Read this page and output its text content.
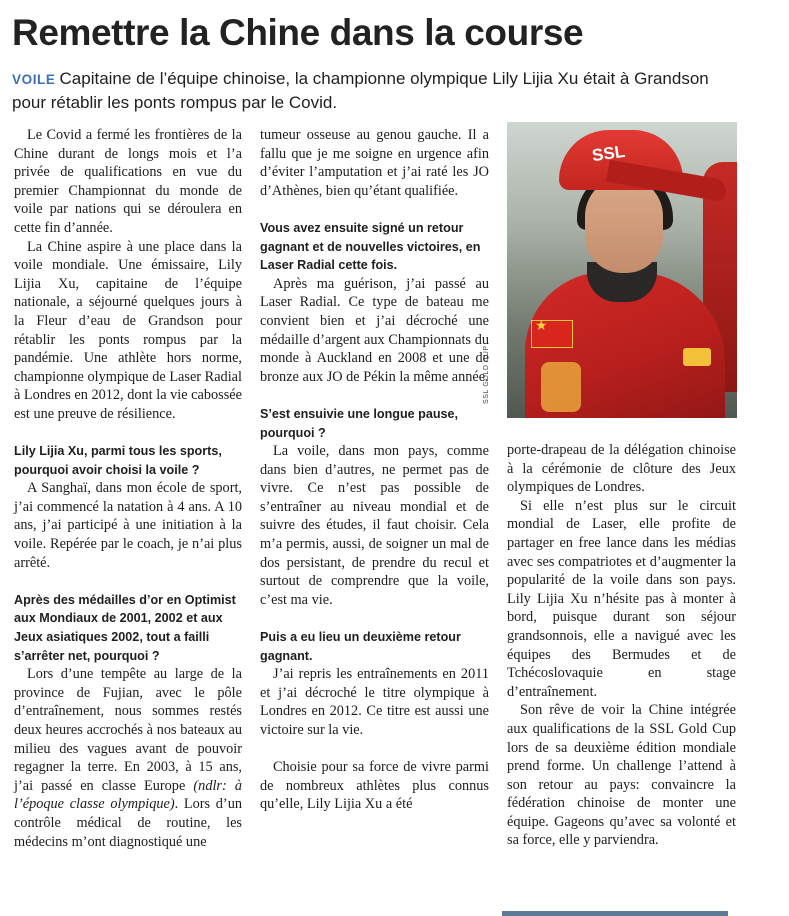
Remettre la Chine dans la course

VOILE Capitaine de l’équipe chinoise, la championne olympique Lily Lijia Xu était à Grandson pour rétablir les ponts rompus par le Covid.

Le Covid a fermé les frontières de la Chine durant de longs mois et l’a privée de qualifications en vue du premier Championnat du monde de voile par nations qui se déroulera en cette fin d’année.

La Chine aspire à une place dans la voile mondiale. Une émissaire, Lily Lijia Xu, capitaine de l’équipe nationale, a séjourné quelques jours à la Fleur d’eau de Grandson pour rétablir les ponts rompus par la pandémie. Une athlète hors norme, championne olympique de Laser Radial à Londres en 2012, dont la vie cabossée est une preuve de résilience.

Lily Lijia Xu, parmi tous les sports, pourquoi avoir choisi la voile ?

A Sanghaï, dans mon école de sport, j’ai commencé la natation à 4 ans. A 10 ans, j’ai participé à une initiation à la voile. Repérée par le coach, je n’ai plus arrêté.

Après des médailles d’or en Optimist aux Mondiaux de 2001, 2002 et aux Jeux asiatiques 2002, tout a failli s’arrêter net, pourquoi ?

Lors d’une tempête au large de la province de Fujian, avec le pôle d’entraînement, nous sommes restés deux heures accrochés à nos bateaux au milieu des vagues avant de pouvoir regagner la terre. En 2003, à 15 ans, j’ai passé en classe Europe (ndlr: à l’époque classe olympique). Lors d’un contrôle médical de routine, les médecins m’ont diagnostiqué une

tumeur osseuse au genou gauche. Il a fallu que je me soigne en urgence afin d’éviter l’amputation et j’ai raté les JO d’Athènes, bien qu’étant qualifiée.

Vous avez ensuite signé un retour gagnant et de nouvelles victoires, en Laser Radial cette fois.

Après ma guérison, j’ai passé au Laser Radial. Ce type de bateau me convient bien et j’ai décroché une médaille d’argent aux Championnats du monde à Auckland en 2008 et une de bronze aux JO de Pékin la même année.

S’est ensuivie une longue pause, pourquoi ?

La voile, dans mon pays, comme dans bien d’autres, ne permet pas de vivre. Ce n’est pas possible de s’entraîner au niveau mondial et de suivre des études, il faut choisir. Cela m’a permis, aussi, de soigner un mal de dos persistant, de prendre du recul et surtout de comprendre que la voile, c’est ma vie.

Puis a eu lieu un deuxième retour gagnant.

J’ai repris les entraînements en 2011 et j’ai décroché le titre olympique à Londres en 2012. Ce titre est aussi une victoire sur la vie.

Choisie pour sa force de vivre parmi de nombreux athlètes plus connus qu’elle, Lily Lijia Xu a été

SSL
★
SSL GOLD CUP

porte-drapeau de la délégation chinoise à la cérémonie de clôture des Jeux olympiques de Londres.

Si elle n’est plus sur le circuit mondial de Laser, elle profite de partager en free lance dans les médias avec ses compatriotes et d’augmenter la popularité de la voile dans son pays. Lily Lijia Xu n’hésite pas à monter à bord, puisque durant son séjour grandsonnois, elle a navigué avec les équipes des Bermudes et de Tchécoslovaquie en stage d’entraînement.

Son rêve de voir la Chine intégrée aux qualifications de la SSL Gold Cup lors de sa deuxième édition mondiale prend forme. Un challenge l’attend à son retour au pays: convaincre la fédération chinoise de monter une équipe. Gageons qu’avec sa volonté et sa force, elle y parviendra.
